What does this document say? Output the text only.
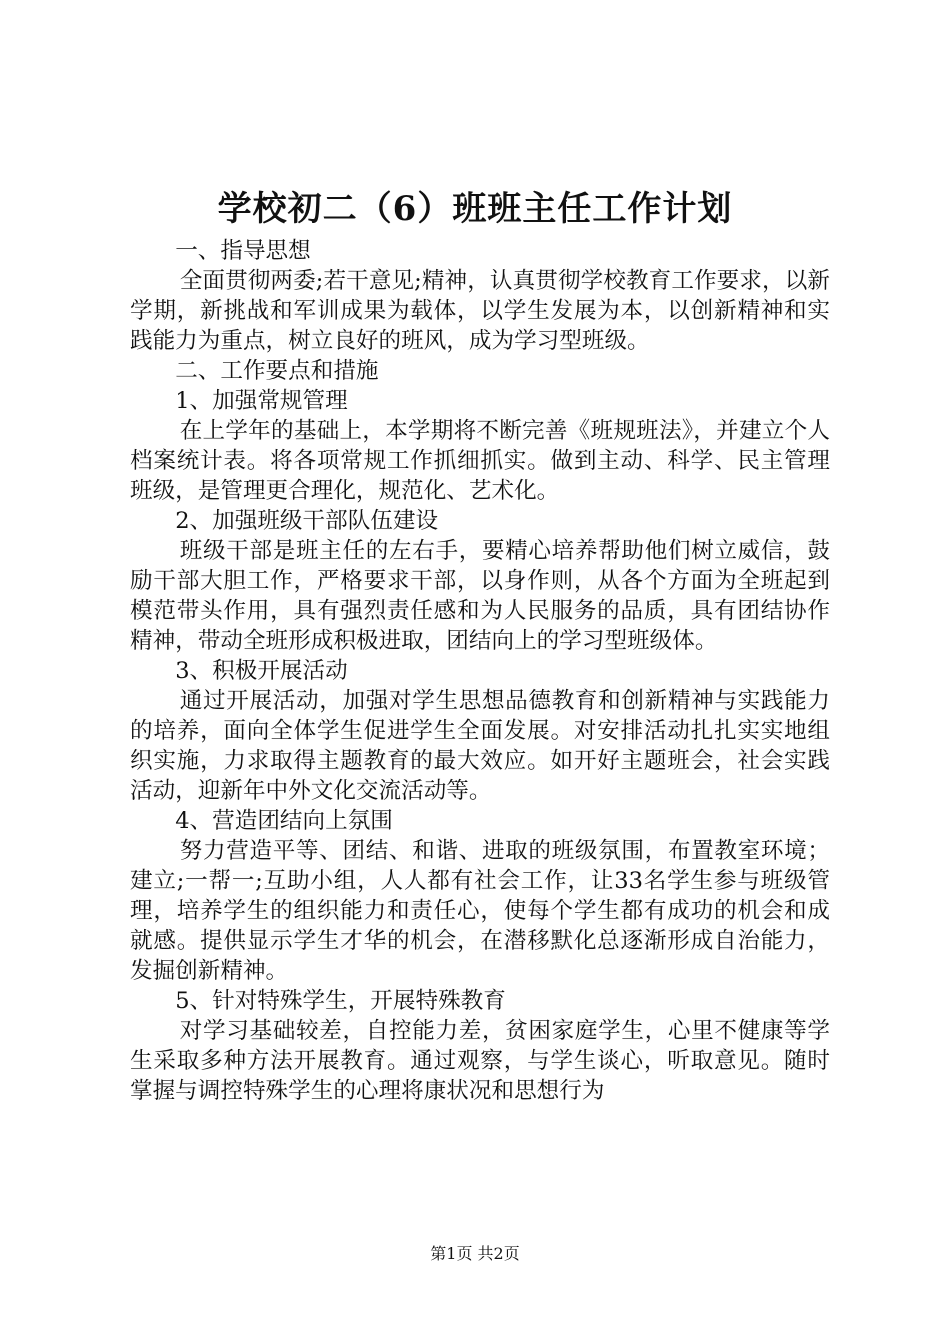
学校初二（6）班班主任工作计划

一、指导思想

全面贯彻两委;若干意见;精神，认真贯彻学校教育工作要求，以新学期，新挑战和军训成果为载体，以学生发展为本，以创新精神和实践能力为重点，树立良好的班风，成为学习型班级。

二、工作要点和措施

1、加强常规管理

在上学年的基础上，本学期将不断完善《班规班法》，并建立个人档案统计表。将各项常规工作抓细抓实。做到主动、科学、民主管理班级，是管理更合理化，规范化、艺术化。

2、加强班级干部队伍建设

班级干部是班主任的左右手，要精心培养帮助他们树立威信，鼓励干部大胆工作，严格要求干部，以身作则，从各个方面为全班起到模范带头作用，具有强烈责任感和为人民服务的品质，具有团结协作精神，带动全班形成积极进取，团结向上的学习型班级体。

3、积极开展活动

通过开展活动，加强对学生思想品德教育和创新精神与实践能力的培养，面向全体学生促进学生全面发展。对安排活动扎扎实实地组织实施，力求取得主题教育的最大效应。如开好主题班会，社会实践活动，迎新年中外文化交流活动等。

4、营造团结向上氛围

努力营造平等、团结、和谐、进取的班级氛围，布置教室环境；建立;一帮一;互助小组，人人都有社会工作，让33名学生参与班级管理，培养学生的组织能力和责任心，使每个学生都有成功的机会和成就感。提供显示学生才华的机会，在潜移默化总逐渐形成自治能力，发掘创新精神。

5、针对特殊学生，开展特殊教育

对学习基础较差，自控能力差，贫困家庭学生，心里不健康等学生采取多种方法开展教育。通过观察，与学生谈心，听取意见。随时掌握与调控特殊学生的心理将康状况和思想行为

第1页 共2页
